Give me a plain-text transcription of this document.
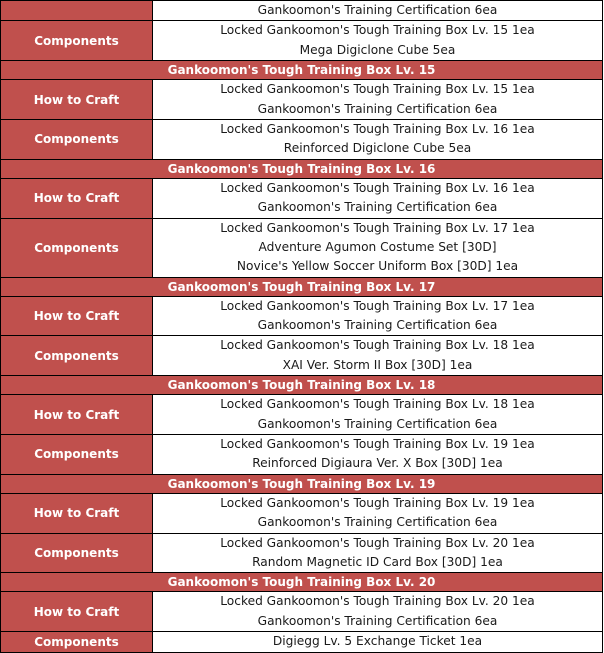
	Gankoomon's Training Certification 6ea

Components	Locked Gankoomon's Tough Training Box Lv. 15 1ea
Mega Digiclone Cube 5ea

Gankoomon's Tough Training Box Lv. 15	
How to Craft	Locked Gankoomon's Tough Training Box Lv. 15 1ea
Gankoomon's Training Certification 6ea

Components	Locked Gankoomon's Tough Training Box Lv. 16 1ea
Reinforced Digiclone Cube 5ea

Gankoomon's Tough Training Box Lv. 16	
How to Craft	Locked Gankoomon's Tough Training Box Lv. 16 1ea
Gankoomon's Training Certification 6ea

Components	Locked Gankoomon's Tough Training Box Lv. 17 1ea
Adventure Agumon Costume Set [30D]
Novice's Yellow Soccer Uniform Box [30D] 1ea

Gankoomon's Tough Training Box Lv. 17	
How to Craft	Locked Gankoomon's Tough Training Box Lv. 17 1ea
Gankoomon's Training Certification 6ea

Components	Locked Gankoomon's Tough Training Box Lv. 18 1ea
XAI Ver. Storm II Box [30D] 1ea

Gankoomon's Tough Training Box Lv. 18	
How to Craft	Locked Gankoomon's Tough Training Box Lv. 18 1ea
Gankoomon's Training Certification 6ea

Components	Locked Gankoomon's Tough Training Box Lv. 19 1ea
Reinforced Digiaura Ver. X Box [30D] 1ea

Gankoomon's Tough Training Box Lv. 19	
How to Craft	Locked Gankoomon's Tough Training Box Lv. 19 1ea
Gankoomon's Training Certification 6ea

Components	Locked Gankoomon's Tough Training Box Lv. 20 1ea
Random Magnetic ID Card Box [30D] 1ea

Gankoomon's Tough Training Box Lv. 20	
How to Craft	Locked Gankoomon's Tough Training Box Lv. 20 1ea
Gankoomon's Training Certification 6ea

Components	Digiegg Lv. 5 Exchange Ticket 1ea
